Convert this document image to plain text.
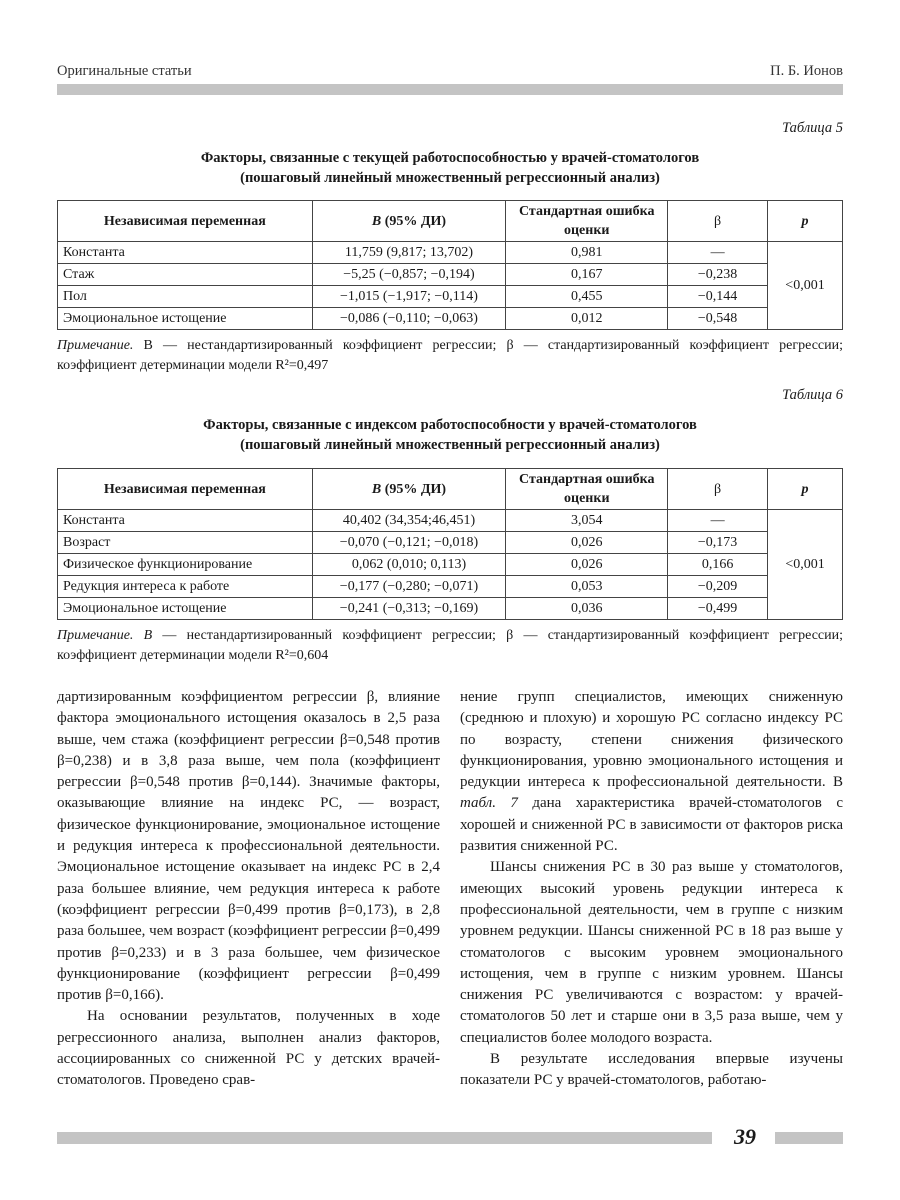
Оригинальные статьи	П. Б. Ионов
Таблица 5
Факторы, связанные с текущей работоспособностью у врачей-стоматологов
(пошаговый линейный множественный регрессионный анализ)
Независимая переменная	B (95% ДИ)	Стандартная ошибка оценки	β	p
Константа	11,759 (9,817; 13,702)	0,981	—	<0,001
Стаж	−5,25 (−0,857; −0,194)	0,167	−0,238	
Пол	−1,015 (−1,917; −0,114)	0,455	−0,144	
Эмоциональное истощение	−0,086 (−0,110; −0,063)	0,012	−0,548	
Примечание. B — нестандартизированный коэффициент регрессии; β — стандартизированный коэффициент регрессии; коэффициент детерминации модели R²=0,497
Таблица 6
Факторы, связанные с индексом работоспособности у врачей-стоматологов
(пошаговый линейный множественный регрессионный анализ)
Независимая переменная	B (95% ДИ)	Стандартная ошибка оценки	β	p
Константа	40,402 (34,354;46,451)	3,054	—	<0,001
Возраст	−0,070 (−0,121; −0,018)	0,026	−0,173	
Физическое функционирование	0,062 (0,010; 0,113)	0,026	0,166	
Редукция интереса к работе	−0,177 (−0,280; −0,071)	0,053	−0,209	
Эмоциональное истощение	−0,241 (−0,313; −0,169)	0,036	−0,499	
Примечание. B — нестандартизированный коэффициент регрессии; β — стандартизированный коэффициент регрессии; коэффициент детерминации модели R²=0,604

дартизированным коэффициентом регрессии β, влияние фактора эмоционального истощения оказалось в 2,5 раза выше, чем стажа (коэффициент регрессии β=0,548 против β=0,238) и в 3,8 раза выше, чем пола (коэффициент регрессии β=0,548 против β=0,144). Значимые факторы, оказывающие влияние на индекс РС, — возраст, физическое функционирование, эмоциональное истощение и редукция интереса к профессиональной деятельности. Эмоциональное истощение оказывает на индекс РС в 2,4 раза большее влияние, чем редукция интереса к работе (коэффициент регрессии β=0,499 против β=0,173), в 2,8 раза большее, чем возраст (коэффициент регрессии β=0,499 против β=0,233) и в 3 раза большее, чем физическое функционирование (коэффициент регрессии β=0,499 против β=0,166).

На основании результатов, полученных в ходе регрессионного анализа, выполнен анализ факторов, ассоциированных со сниженной РС у детских врачей-стоматологов. Проведено срав-

нение групп специалистов, имеющих сниженную (среднюю и плохую) и хорошую РС согласно индексу РС по возрасту, степени снижения физического функционирования, уровню эмоционального истощения и редукции интереса к профессиональной деятельности. В табл. 7 дана характеристика врачей-стоматологов с хорошей и сниженной РС в зависимости от факторов риска развития сниженной РС.

Шансы снижения РС в 30 раз выше у стоматологов, имеющих высокий уровень редукции интереса к профессиональной деятельности, чем в группе с низким уровнем редукции. Шансы сниженной РС в 18 раз выше у стоматологов с высоким уровнем эмоционального истощения, чем в группе с низким уровнем. Шансы снижения РС увеличиваются с возрастом: у врачей-стоматологов 50 лет и старше они в 3,5 раза выше, чем у специалистов более молодого возраста.

В результате исследования впервые изучены показатели РС у врачей-стоматологов, работаю-

39
